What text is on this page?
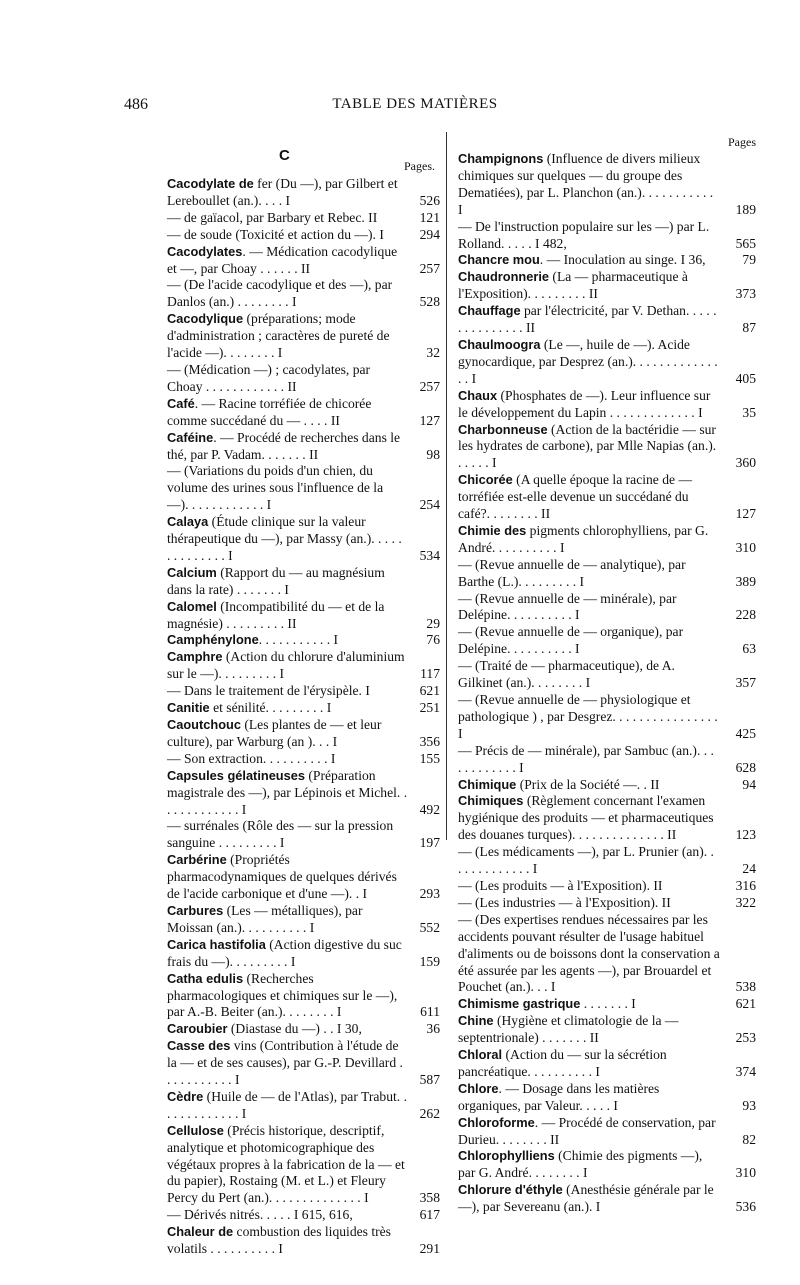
486	TABLE DES MATIÈRES
C
Pages.
Cacodylate de fer (Du —), par Gilbert et Lereboullet (an.). . . . I	526
— de gaïacol, par Barbary et Rebec. II	121
— de soude (Toxicité et action du —). I	294
Cacodylates. — Médication cacodylique et —, par Choay . . . . . . II	257
— (De l'acide cacodylique et des —), par Danlos (an.) . . . . . . . . I	528
Cacodylique (préparations; mode d'administration ; caractères de pureté de l'acide —). . . . . . . . I	32
— (Médication —) ; cacodylates, par Choay . . . . . . . . . . . . II	257
Café. — Racine torréfiée de chicorée comme succédané du — . . . . II	127
Caféine. — Procédé de recherches dans le thé, par P. Vadam. . . . . . . II	98
— (Variations du poids d'un chien, du volume des urines sous l'influence de la —). . . . . . . . . . . . I	254
Calaya (Étude clinique sur la valeur thérapeutique du —), par Massy (an.). . . . . . . . . . . . . . I	534
Calcium (Rapport du — au magnésium dans la rate) . . . . . . . I
Calomel (Incompatibilité du — et de la magnésie) . . . . . . . . . II	29
Camphénylone. . . . . . . . . . . I	76
Camphre (Action du chlorure d'aluminium sur le —). . . . . . . . . I	117
— Dans le traitement de l'érysipèle. I	621
Canitie et sénilité. . . . . . . . . I	251
Caoutchouc (Les plantes de — et leur culture), par Warburg (an ). . . I	356
— Son extraction. . . . . . . . . . I	155
Capsules gélatineuses (Préparation magistrale des —), par Lépinois et Michel. . . . . . . . . . . . . I	492
— surrénales (Rôle des — sur la pression sanguine . . . . . . . . . I	197
Carbérine (Propriétés pharmacodynamiques de quelques dérivés de l'acide carbonique et d'une —). . I	293
Carbures (Les — métalliques), par Moissan (an.). . . . . . . . . . I	552
Carica hastifolia (Action digestive du suc frais du —). . . . . . . . . I	159
Catha edulis (Recherches pharmacologiques et chimiques sur le —), par A.-B. Beiter (an.). . . . . . . . I	611
Caroubier (Diastase du —) . . I 30,	36
Casse des vins (Contribution à l'étude de la — et de ses causes), par G.-P. Devillard . . . . . . . . . . . I	587
Cèdre (Huile de — de l'Atlas), par Trabut. . . . . . . . . . . . . I	262
Cellulose (Précis historique, descriptif, analytique et photomicographique des végétaux propres à la fabrication de la — et du papier), Rostaing (M. et L.) et Fleury Percy du Pert (an.). . . . . . . . . . . . . . I	358
— Dérivés nitrés. . . . . I 615, 616,	617
Chaleur de combustion des liquides très volatils . . . . . . . . . . I	291
Pages
Champignons (Influence de divers milieux chimiques sur quelques — du groupe des Dematiées), par L. Planchon (an.). . . . . . . . . . . I	189
— De l'instruction populaire sur les —) par L. Rolland. . . . . I 482,	565
Chancre mou. — Inoculation au singe. I 36,	79
Chaudronnerie (La — pharmaceutique à l'Exposition). . . . . . . . . II	373
Chauffage par l'électricité, par V. Dethan. . . . . . . . . . . . . . . II	87
Chaulmoogra (Le —, huile de —). Acide gynocardique, par Desprez (an.). . . . . . . . . . . . . . . I	405
Chaux (Phosphates de —). Leur influence sur le développement du Lapin . . . . . . . . . . . . . I	35
Charbonneuse (Action de la bactéridie — sur les hydrates de carbone), par Mlle Napias (an.). . . . . . I	360
Chicorée (A quelle époque la racine de — torréfiée est-elle devenue un succédané du café?. . . . . . . . II	127
Chimie des pigments chlorophylliens, par G. André. . . . . . . . . . I	310
— (Revue annuelle de — analytique), par Barthe (L.). . . . . . . . . I	389
— (Revue annuelle de — minérale), par Delépine. . . . . . . . . . I	228
— (Revue annuelle de — organique), par Delépine. . . . . . . . . . I	63
— (Traité de — pharmaceutique), de A. Gilkinet (an.). . . . . . . . I	357
— (Revue annuelle de — physiologique et pathologique ) , par Desgrez. . . . . . . . . . . . . . . . I	425
— Précis de — minérale), par Sambuc (an.). . . . . . . . . . . . I	628
Chimique (Prix de la Société —. . II	94
Chimiques (Règlement concernant l'examen hygiénique des produits — et pharmaceutiques des douanes turques). . . . . . . . . . . . . . II	123
— (Les médicaments —), par L. Prunier (an). . . . . . . . . . . . . I	24
— (Les produits — à l'Exposition). II	316
— (Les industries — à l'Exposition). II	322
— (Des expertises rendues nécessaires par les accidents pouvant résulter de l'usage habituel d'aliments ou de boissons dont la conservation a été assurée par les agents —), par Brouardel et Pouchet (an.). . . I	538
Chimisme gastrique . . . . . . . I	621
Chine (Hygiène et climatologie de la — septentrionale) . . . . . . . II	253
Chloral (Action du — sur la sécrétion pancréatique. . . . . . . . . . I	374
Chlore. — Dosage dans les matières organiques, par Valeur. . . . . I	93
Chloroforme. — Procédé de conservation, par Durieu. . . . . . . . II	82
Chlorophylliens (Chimie des pigments —), par G. André. . . . . . . . I	310
Chlorure d'éthyle (Anesthésie générale par le —), par Severeanu (an.). I	536
